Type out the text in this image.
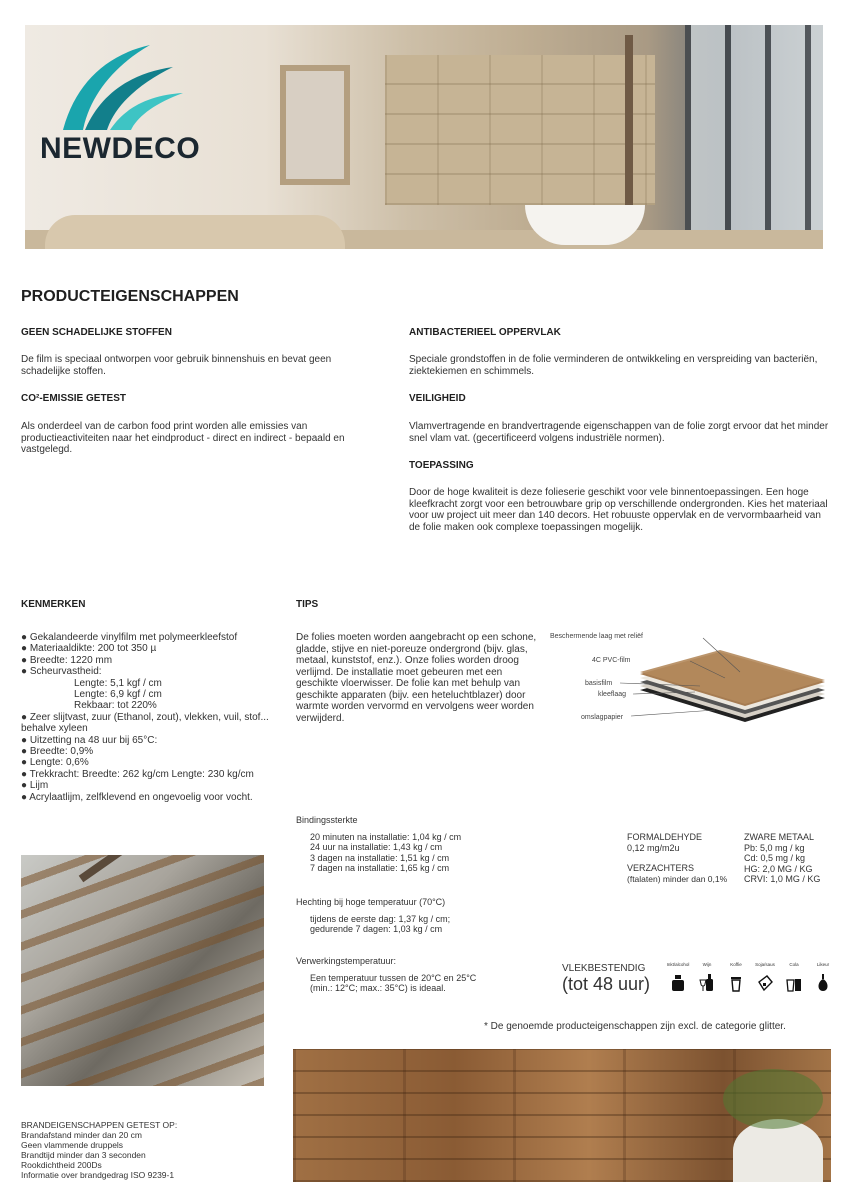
NEWDECO
PRODUCTEIGENSCHAPPEN
GEEN SCHADELIJKE STOFFEN
De film is speciaal ontworpen voor gebruik binnenshuis en bevat geen schadelijke stoffen.
CO²-EMISSIE GETEST
Als onderdeel van de carbon food print worden alle emissies van productieactiviteiten naar het eindproduct - direct en indirect - bepaald en vastgelegd.
ANTIBACTERIEEL OPPERVLAK
Speciale grondstoffen in de folie verminderen de ontwikkeling en verspreiding van bacteriën, ziektekiemen en schimmels.
VEILIGHEID
Vlamvertragende en brandvertragende eigenschappen van de folie zorgt ervoor dat het minder snel vlam vat. (gecertificeerd volgens industriële normen).
TOEPASSING
Door de hoge kwaliteit is deze folieserie geschikt voor vele binnentoepassingen. Een hoge kleefkracht zorgt voor een betrouwbare grip op verschillende ondergronden. Kies het materiaal voor uw project uit meer dan 140 decors. Het robuuste oppervlak en de vervormbaarheid van de folie maken ook complexe toepassingen mogelijk.
KENMERKEN
● Gekalandeerde vinylfilm met polymeerkleefstof
● Materiaaldikte: 200 tot 350 µ
● Breedte: 1220 mm
● Scheurvastheid:
Lengte: 5,1 kgf / cm
Lengte: 6,9 kgf / cm
Rekbaar: tot 220%
● Zeer slijtvast, zuur (Ethanol, zout), vlekken, vuil, stof... behalve xyleen
● Uitzetting na 48 uur bij 65°C:
● Breedte: 0,9%
● Lengte: 0,6%
● Trekkracht: Breedte: 262 kg/cm Lengte: 230 kg/cm
● Lijm
● Acrylaatlijm, zelfklevend en ongevoelig voor vocht.
TIPS
De folies moeten worden aangebracht op een schone, gladde, stijve en niet-poreuze ondergrond (bijv. glas, metaal, kunststof, enz.). Onze folies worden droog verlijmd. De installatie moet gebeuren met een geschikte vloerwisser. De folie kan met behulp van geschikte apparaten (bijv. een heteluchtblazer) door warmte worden vervormd en vervolgens weer worden verwijderd.
Beschermende laag met reliëf
4C PVC-film
basisfilm
kleeflaag
omslagpapier
Bindingssterkte
20 minuten na installatie: 1,04 kg / cm
24 uur na installatie: 1,43 kg / cm
3 dagen na installatie: 1,51 kg / cm
7 dagen na installatie: 1,65 kg / cm
Hechting bij hoge temperatuur (70°C)
tijdens de eerste dag: 1,37 kg / cm;
gedurende 7 dagen: 1,03 kg / cm
Verwerkingstemperatuur:
Een temperatuur tussen de 20°C en 25°C
(min.: 12°C; max.: 35°C) is ideaal.
FORMALDEHYDE
0,12 mg/m2u
VERZACHTERS
(ftalaten) minder dan 0,1%
ZWARE METAAL
Pb: 5,0 mg / kg
Cd: 0,5 mg / kg
HG: 2,0 MG / KG
CRVI: 1,0 MG / KG
VLEKBESTENDIG
(tot 48 uur)
Inkt/alcohol	Wijn	Koffie	Soja/saus	Cola	Likeur
* De genoemde producteigenschappen zijn excl. de categorie glitter.
BRANDEIGENSCHAPPEN GETEST OP:
Brandafstand minder dan 20 cm
Geen vlammende druppels
Brandtijd minder dan 3 seconden
Rookdichtheid 200Ds
Informatie over brandgedrag ISO 9239-1
